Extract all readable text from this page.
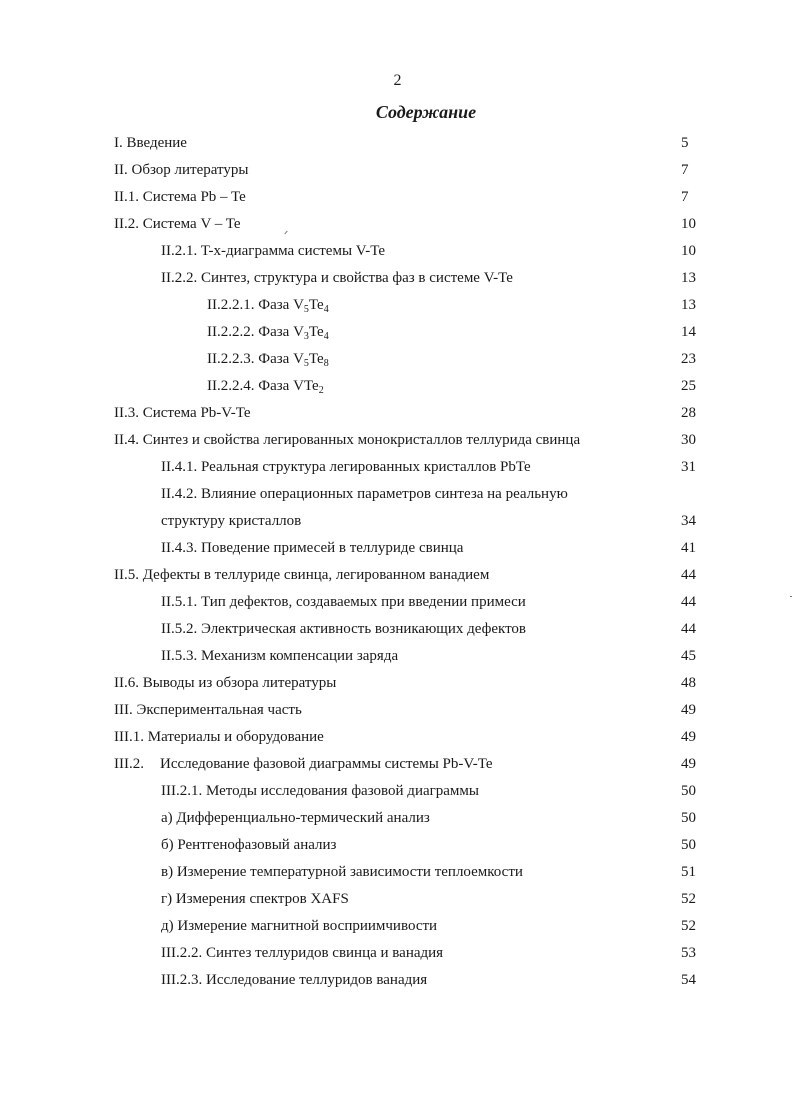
2
Содержание
I. Введение	5
II. Обзор литературы	7
II.1. Система Pb – Te	7
II.2. Система V – Te	10
II.2.1. T-x-диаграмма системы V-Te	10
II.2.2. Синтез, структура и свойства фаз в системе V-Te	13
II.2.2.1. Фаза $V_5Te_4$	13
II.2.2.2. Фаза $V_3Te_4$	14
II.2.2.3. Фаза $V_5Te_8$	23
II.2.2.4. Фаза VTe$_2$	25
II.3. Система Pb-V-Te	28
II.4. Синтез и свойства легированных монокристаллов теллурида свинца	30
II.4.1. Реальная структура легированных кристаллов PbTe	31
II.4.2. Влияние операционных параметров синтеза на реальную
структуру кристаллов	34
II.4.3. Поведение примесей в теллуриде свинца	41
II.5. Дефекты в теллуриде свинца, легированном ванадием	44
II.5.1. Тип дефектов, создаваемых при введении примеси	44
II.5.2. Электрическая активность возникающих дефектов	44
II.5.3. Механизм компенсации заряда	45
II.6. Выводы из обзора литературы	48
III. Экспериментальная часть	49
III.1. Материалы и оборудование	49
III.2. Исследование фазовой диаграммы системы Pb-V-Te	49
III.2.1. Методы исследования фазовой диаграммы	50
а) Дифференциально-термический анализ	50
б) Рентгенофазовый анализ	50
в) Измерение температурной зависимости теплоемкости	51
г) Измерения спектров XAFS	52
д) Измерение магнитной восприимчивости	52
III.2.2. Синтез теллуридов свинца и ванадия	53
III.2.3. Исследование теллуридов ванадия	54
